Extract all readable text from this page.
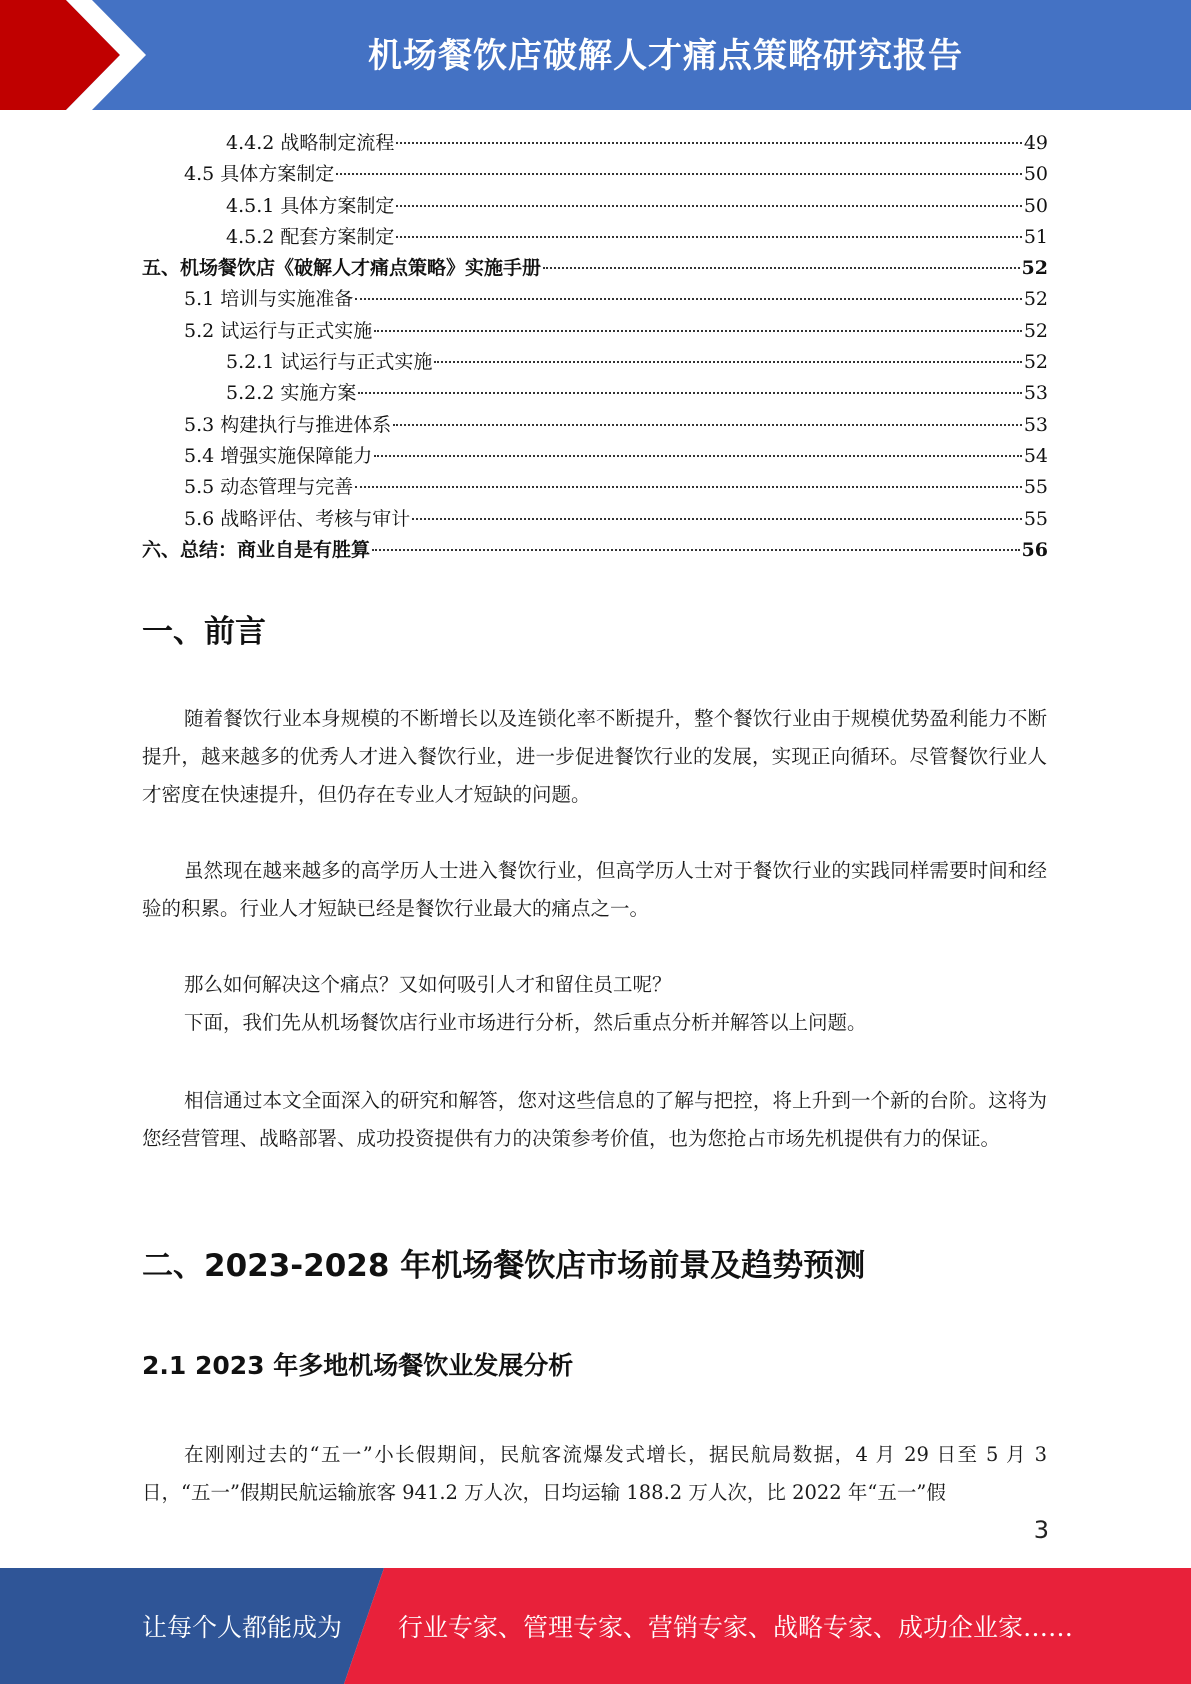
机场餐饮店破解人才痛点策略研究报告
4.4.2 战略制定流程	49
4.5 具体方案制定	50
4.5.1 具体方案制定	50
4.5.2 配套方案制定	51
五、机场餐饮店《破解人才痛点策略》实施手册	52
5.1 培训与实施准备	52
5.2 试运行与正式实施	52
5.2.1 试运行与正式实施	52
5.2.2 实施方案	53
5.3 构建执行与推进体系	53
5.4 增强实施保障能力	54
5.5 动态管理与完善	55
5.6 战略评估、考核与审计	55
六、总结：商业自是有胜算	56
一、前言

随着餐饮行业本身规模的不断增长以及连锁化率不断提升，整个餐饮行业由于规模优势盈利能力不断提升，越来越多的优秀人才进入餐饮行业，进一步促进餐饮行业的发展，实现正向循环。尽管餐饮行业人才密度在快速提升，但仍存在专业人才短缺的问题。

虽然现在越来越多的高学历人士进入餐饮行业，但高学历人士对于餐饮行业的实践同样需要时间和经验的积累。行业人才短缺已经是餐饮行业最大的痛点之一。

那么如何解决这个痛点？又如何吸引人才和留住员工呢？

下面，我们先从机场餐饮店行业市场进行分析，然后重点分析并解答以上问题。

相信通过本文全面深入的研究和解答，您对这些信息的了解与把控，将上升到一个新的台阶。这将为您经营管理、战略部署、成功投资提供有力的决策参考价值，也为您抢占市场先机提供有力的保证。

二、2023-2028 年机场餐饮店市场前景及趋势预测
2.1 2023 年多地机场餐饮业发展分析

在刚刚过去的“五一”小长假期间，民航客流爆发式增长，据民航局数据，4 月 29 日至 5 月 3 日，“五一”假期民航运输旅客 941.2 万人次，日均运输 188.2 万人次，比 2022 年“五一”假

3
让每个人都能成为 行业专家、管理专家、营销专家、战略专家、成功企业家……
